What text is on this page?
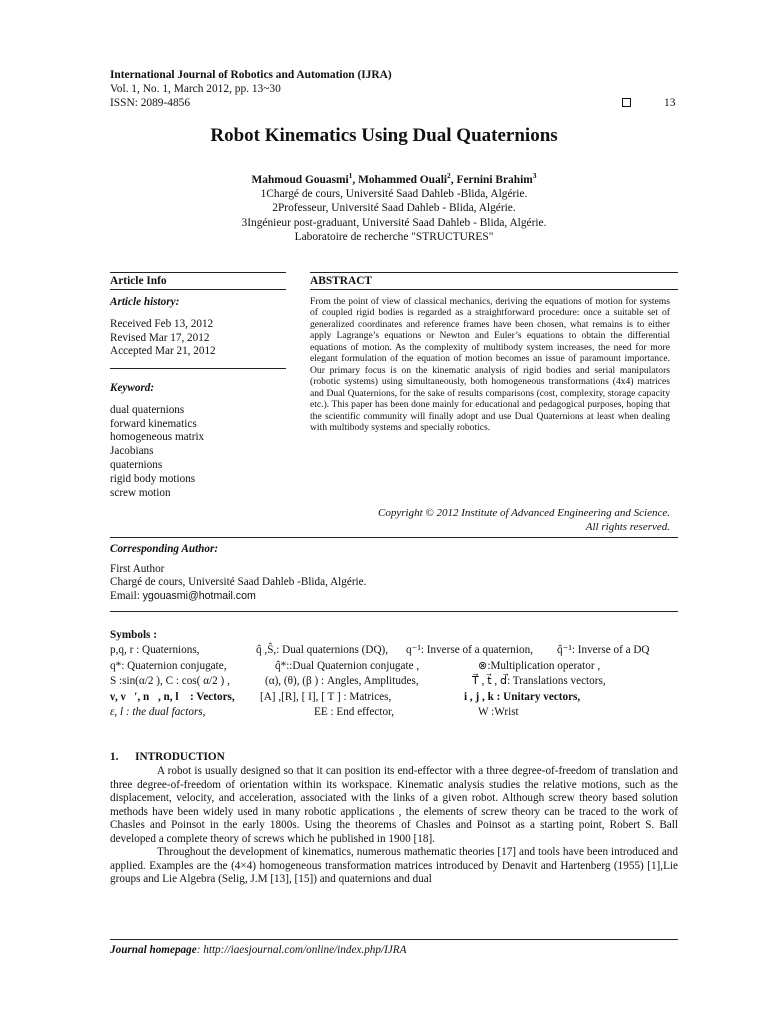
International Journal of Robotics and Automation (IJRA)
Vol. 1, No. 1, March 2012, pp. 13~30
ISSN: 2089-4856	13
Robot Kinematics Using Dual Quaternions
Mahmoud Gouasmi$^1$, Mohammed Ouali$^2$, Fernini Brahim$^3$
1Chargé de cours, Université Saad Dahleb -Blida, Algérie.
2Professeur, Université Saad Dahleb - Blida, Algérie.
3Ingénieur post-graduant, Université Saad Dahleb - Blida, Algérie.
Laboratoire de recherche "STRUCTURES"
Article Info
Article history:
Received Feb 13, 2012
Revised Mar 17, 2012
Accepted Mar 21, 2012
Keyword:
dual quaternions
forward kinematics
homogeneous matrix
Jacobians
quaternions
rigid body motions
screw motion
ABSTRACT
From the point of view of classical mechanics, deriving the equations of motion for systems of coupled rigid bodies is regarded as a straightforward procedure: once a suitable set of generalized coordinates and reference frames have been chosen, what remains is to either apply Lagrange’s equations or Newton and Euler’s equations to obtain the differential equations of motion. As the complexity of multibody system increases, the need for more elegant formulation of the equation of motion becomes an issue of paramount importance. Our primary focus is on the kinematic analysis of rigid bodies and serial manipulators (robotic systems) using simultaneously, both homogeneous transformations (4x4) matrices and Dual Quaternions, for the sake of results comparisons (cost, complexity, storage capacity etc.). This paper has been done mainly for educational and pedagogical purposes, hoping that the scientific community will finally adopt and use Dual Quaternions at least when dealing with multibody systems and specially robotics.
Copyright © 2012 Institute of Advanced Engineering and Science.
All rights reserved.
Corresponding Author:
First Author
Chargé de cours, Université Saad Dahleb -Blida, Algérie.
Email: ygouasmi@hotmail.com
Symbols :
p,q, r : Quaternions,	q̂ ,Ŝ,: Dual quaternions (DQ), q⁻¹: Inverse of a quaternion, q̂⁻¹: Inverse of a DQ
q*: Quaternion conjugate,	q̂*::Dual Quaternion conjugate ,	⊗:Multiplication operator ,
S :sin(α/2 ), C : cos( α/2 ) ,	(α), (θ), (β ) : Angles, Amplitudes,	T⃗ , t⃗ , d⃗: Translations vectors,
ν, ν⃗′, n⃗, n, l⃗ : Vectors, [A] ,[R], [ I], [ T ] : Matrices,	i , j , k : Unitary vectors,
ε, l : the dual factors,	EE : End effector,	W :Wrist
1.      INTRODUCTION

A robot is usually designed so that it can position its end-effector with a three degree-of-freedom of translation and three degree-of-freedom of orientation within its workspace. Kinematic analysis studies the relative motions, such as the displacement, velocity, and acceleration, associated with the links of a given robot. Although screw theory based solution methods have been widely used in many robotic applications , the elements of screw theory can be traced to the work of Chasles and Poinsot in the early 1800s. Using the theorems of Chasles and Poinsot as a starting point, Robert S. Ball developed a complete theory of screws which he published in 1900 [18].

Throughout the development of kinematics, numerous mathematic theories [17] and tools have been introduced and applied. Examples are the (4×4) homogeneous transformation matrices introduced by Denavit and Hartenberg (1955) [1],Lie groups and Lie Algebra (Selig, J.M [13], [15]) and quaternions and dual

Journal homepage: http://iaesjournal.com/online/index.php/IJRA
